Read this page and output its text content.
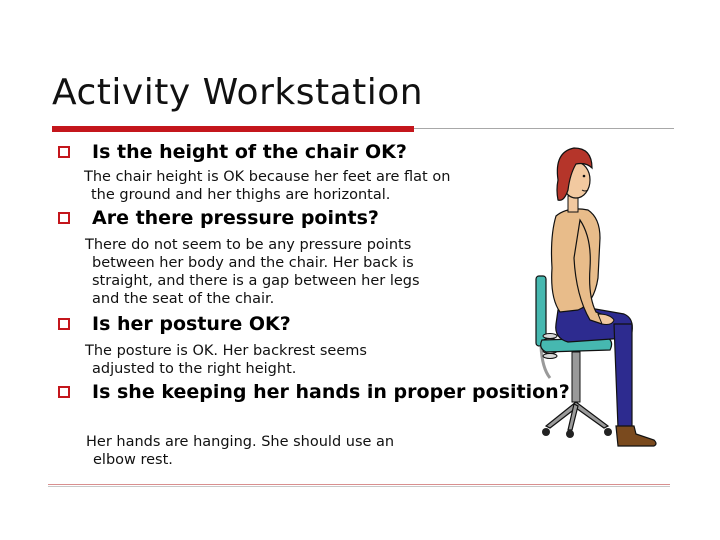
Activity Workstation

Is the height of the chair OK?

The chair height is OK because her feet are flat on
the ground and her thighs are horizontal.

Are there pressure points?

There do not seem to be any pressure points
between her body and the chair. Her back is
straight, and there is a gap between her legs
and the seat of the chair.

Is her posture OK?

The posture is OK. Her backrest seems
adjusted to the right height.

Is she keeping her hands in proper position?

Her hands are hanging. She should use an
elbow rest.
